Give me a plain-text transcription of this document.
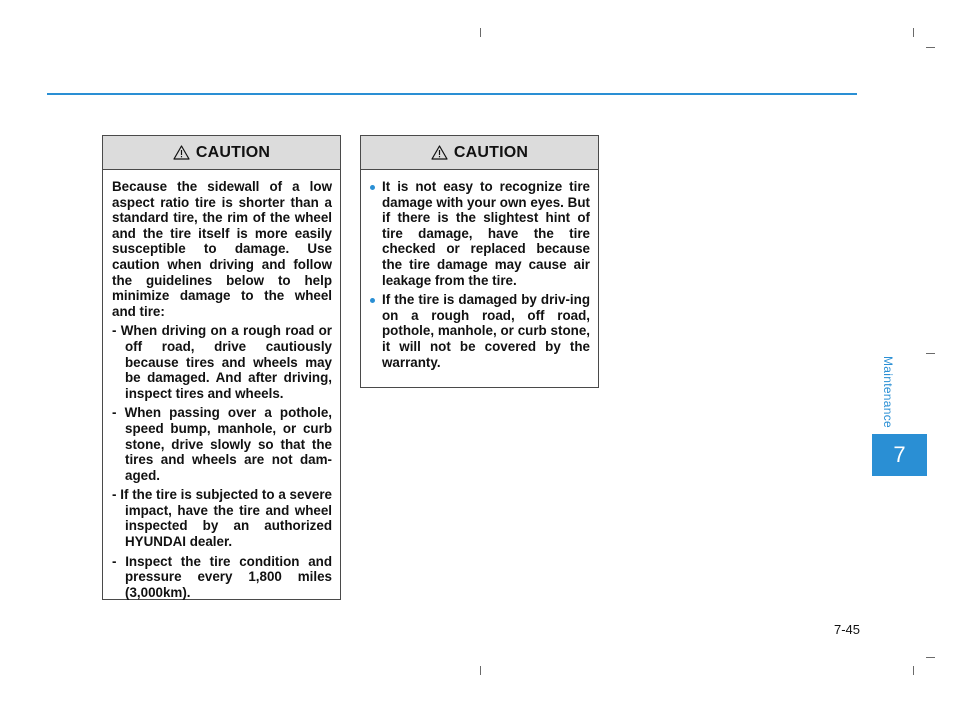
CAUTION

Because the sidewall of a low aspect ratio tire is shorter than a standard tire, the rim of the wheel and the tire itself is more easily susceptible to damage. Use caution when driving and follow the guidelines below to help minimize damage to the wheel and tire:

- When driving on a rough road or off road, drive cautiously because tires and wheels may be damaged. And after driving, inspect tires and wheels.
- When passing over a pothole, speed bump, manhole, or curb stone, drive slowly so that the tires and wheels are not dam-aged.
- If the tire is subjected to a severe impact, have the tire and wheel inspected by an authorized HYUNDAI dealer.
- Inspect the tire condition and pressure every 1,800 miles (3,000km).
CAUTION
It is not easy to recognize tire damage with your own eyes. But if there is the slightest hint of tire damage, have the tire checked or replaced because the tire damage may cause air leakage from the tire.
If the tire is damaged by driv-ing on a rough road, off road, pothole, manhole, or curb stone, it will not be covered by the warranty.	Maintenance
7
7-45
